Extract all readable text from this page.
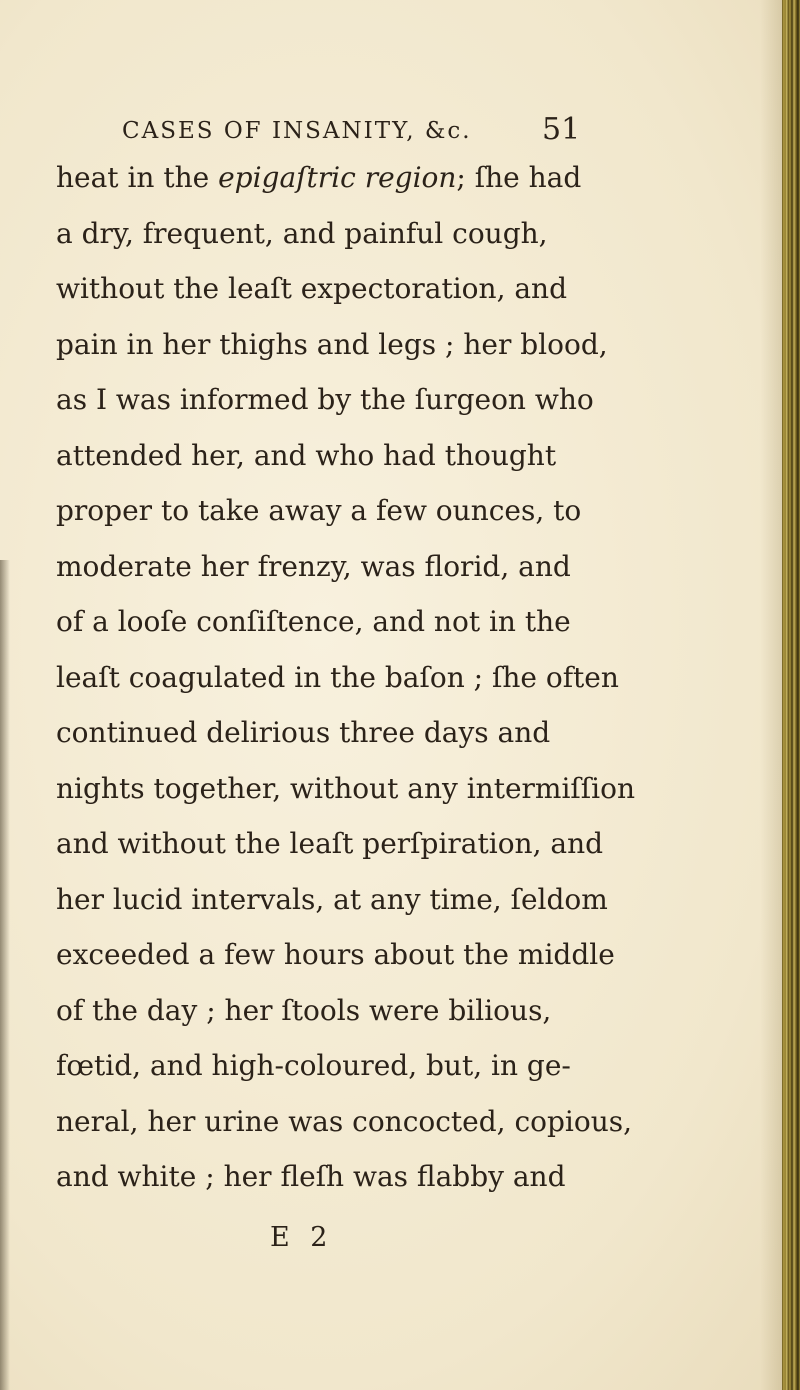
CASES OF INSANITY, &c. 51
heat in the epigaſtric region; ſhe had
a dry, frequent, and painful cough,
without the leaſt expectoration, and
pain in her thighs and legs ; her blood,
as I was informed by the ſurgeon who
attended her, and who had thought
proper to take away a few ounces, to
moderate her frenzy, was florid, and
of a looſe conſiſtence, and not in the
leaſt coagulated in the baſon ; ſhe often
continued delirious three days and
nights together, without any intermiſſion
and without the leaſt perſpiration, and
her lucid intervals, at any time, ſeldom
exceeded a few hours about the middle
of the day ; her ſtools were bilious,
fœtid, and high-coloured, but, in ge-
neral, her urine was concocted, copious,
and white ; her fleſh was flabby and
E 2
